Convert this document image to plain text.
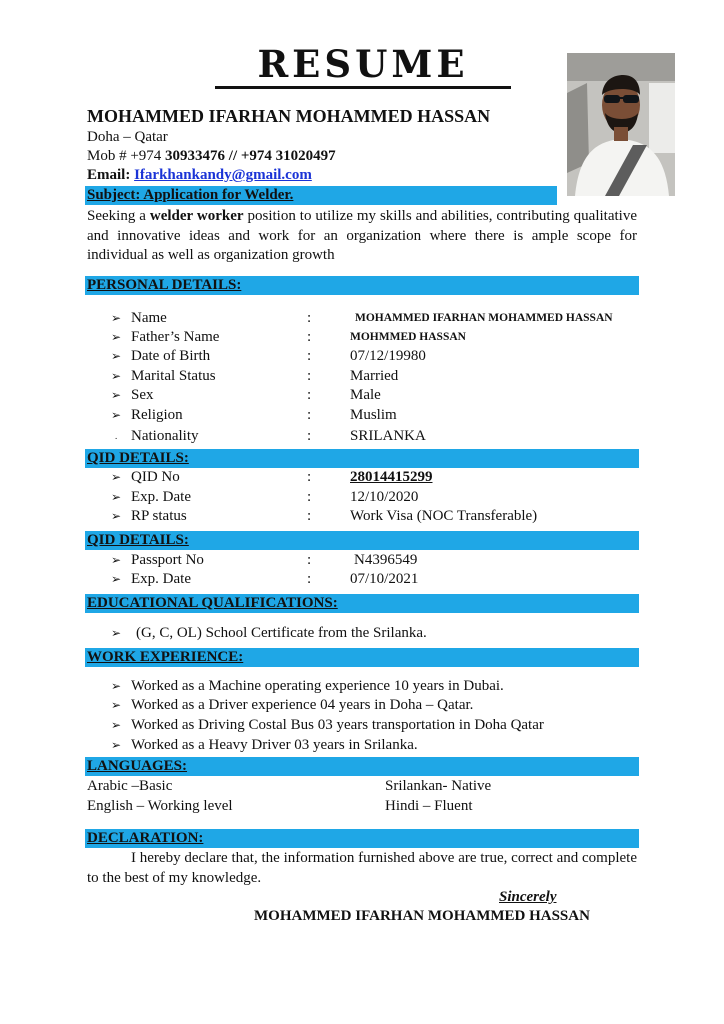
RESUME
MOHAMMED IFARHAN MOHAMMED HASSAN
Doha – Qatar
Mob # +974 30933476 // +974 31020497
Email: Ifarkhankandy@gmail.com
Subject: Application for Welder.
Seeking a welder worker position to utilize my skills and abilities, contributing qualitative and innovative ideas and work for an organization where there is ample scope for individual as well as organization growth
PERSONAL DETAILS:
➢ Name	:	MOHAMMED IFARHAN MOHAMMED HASSAN
➢ Father’s Name	:	MOHMMED HASSAN
➢ Date of Birth	:	07/12/19980
➢ Marital Status	:	Married
➢ Sex	:	Male
➢ Religion	:	Muslim
. Nationality	:	SRILANKA
QID DETAILS:
➢ QID No	:	28014415299
➢ Exp. Date	:	12/10/2020
➢ RP status	:	Work Visa (NOC Transferable)
QID DETAILS:
➢ Passport No	:	N4396549
➢ Exp. Date	:	07/10/2021
EDUCATIONAL QUALIFICATIONS:
➢ (G, C, OL) School Certificate from the Srilanka.
WORK EXPERIENCE:
➢ Worked as a Machine operating experience 10 years in Dubai.
➢ Worked as a Driver experience 04 years in Doha – Qatar.
➢ Worked as Driving Costal Bus 03 years transportation in Doha Qatar
➢ Worked as a Heavy Driver 03 years in Srilanka.
LANGUAGES:
Arabic –Basic	Srilankan- Native
English – Working level	Hindi – Fluent
DECLARATION:
I hereby declare that, the information furnished above are true, correct and complete to the best of my knowledge.
Sincerely
MOHAMMED IFARHAN MOHAMMED HASSAN
